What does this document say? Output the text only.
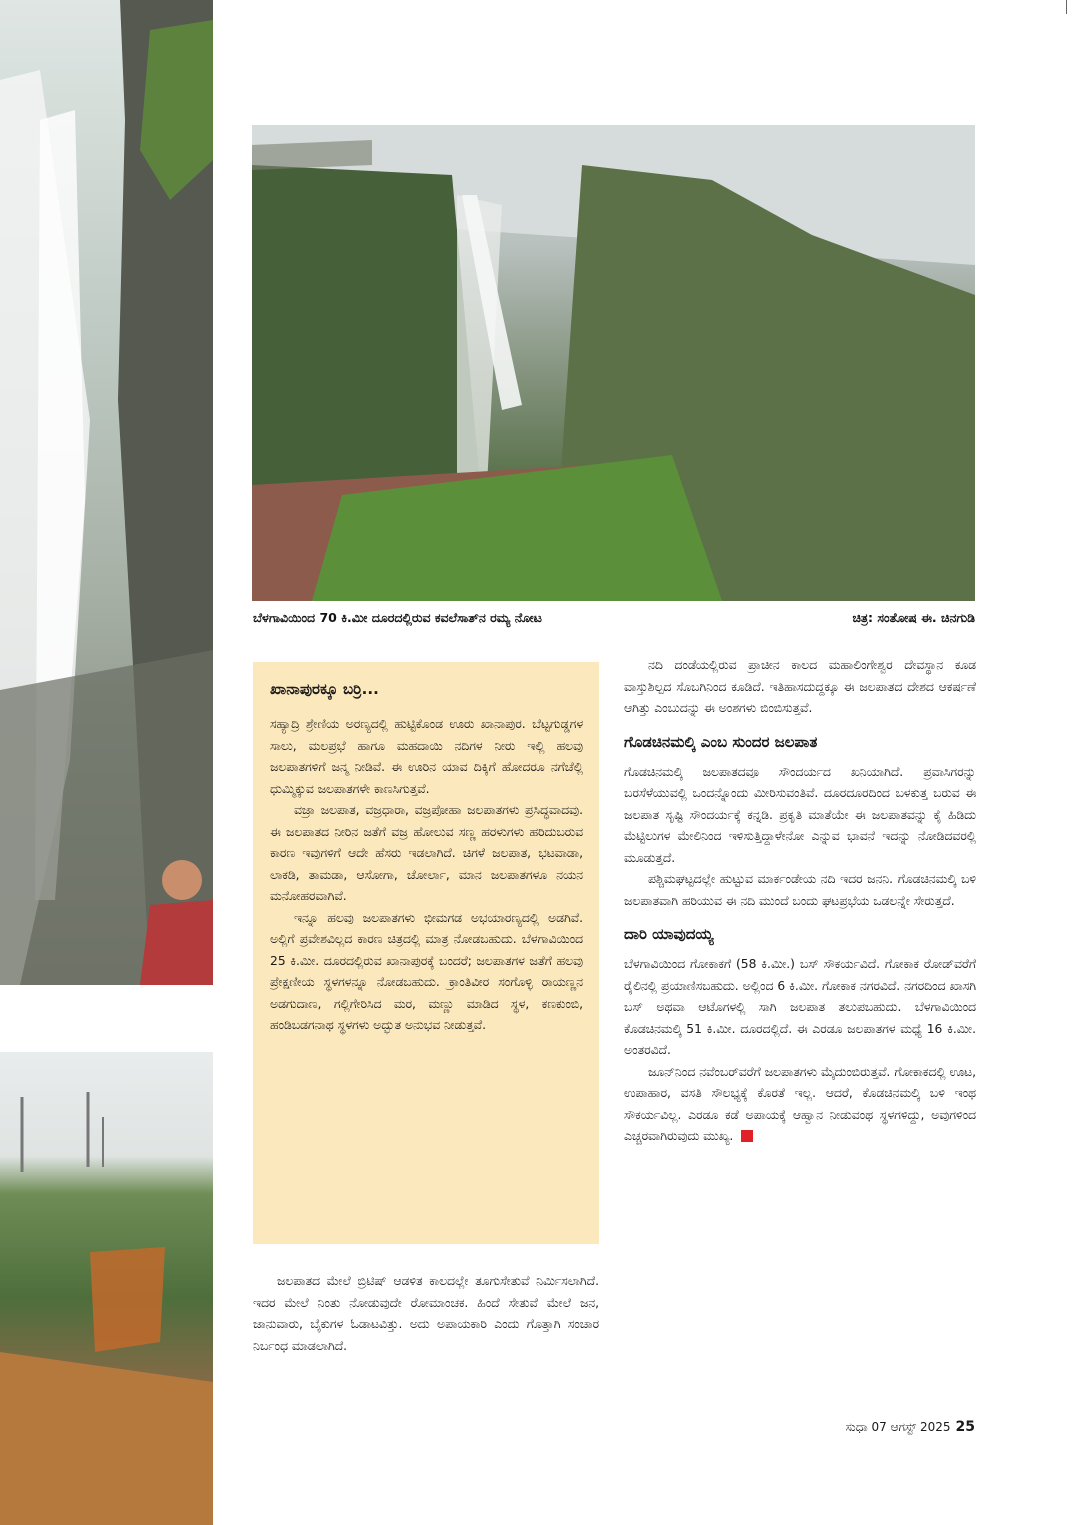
ಬೆಳಗಾವಿಯಿಂದ 70 ಕಿ.ಮೀ ದೂರದಲ್ಲಿರುವ ಕವಲೆಸಾತ್‌ನ ರಮ್ಯ ನೋಟ	ಚಿತ್ರ: ಸಂತೋಷ ಈ. ಚಿನಗುಡಿ
ಖಾನಾಪುರಕ್ಕೂ ಬರ್ರಿ...

ಸಹ್ಯಾದ್ರಿ ಶ್ರೇಣಿಯ ಅರಣ್ಯದಲ್ಲಿ ಹುಟ್ಟಿಕೊಂಡ ಊರು ಖಾನಾಪುರ. ಬೆಟ್ಟಗುಡ್ಡಗಳ ಸಾಲು, ಮಲಪ್ರಭೆ ಹಾಗೂ ಮಹದಾಯಿ ನದಿಗಳ ನೀರು ಇಲ್ಲಿ ಹಲವು ಜಲಪಾತಗಳಿಗೆ ಜನ್ಮ ನೀಡಿವೆ. ಈ ಊರಿನ ಯಾವ ದಿಕ್ಕಿಗೆ ಹೋದರೂ ನಗೆಚೆಲ್ಲಿ ಧುಮ್ಮಿಕ್ಕುವ ಜಲಪಾತಗಳೇ ಕಾಣಸಿಗುತ್ತವೆ.

ವಜ್ರಾ ಜಲಪಾತ, ವಜ್ರಧಾರಾ, ವಜ್ರಪೋಹಾ ಜಲಪಾತಗಳು ಪ್ರಸಿದ್ಧವಾದವು. ಈ ಜಲಪಾತದ ನೀರಿನ ಜತೆಗೆ ವಜ್ರ ಹೋಲುವ ಸಣ್ಣ ಹರಳುಗಳು ಹರಿದುಬರುವ ಕಾರಣ ಇವುಗಳಿಗೆ ಆದೇ ಹೆಸರು ಇಡಲಾಗಿದೆ. ಚಿಗಳೆ ಜಲಪಾತ, ಭಟವಾಡಾ, ಲಾಕಡಿ, ತಾಮಡಾ, ಆಸೋಗಾ, ಚೋರ್ಲಾ, ಮಾನ ಜಲಪಾತಗಳೂ ನಯನ ಮನೋಹರವಾಗಿವೆ.

ಇನ್ನೂ ಹಲವು ಜಲಪಾತಗಳು ಭೀಮಗಡ ಅಭಯಾರಣ್ಯದಲ್ಲಿ ಅಡಗಿವೆ. ಅಲ್ಲಿಗೆ ಪ್ರವೇಶವಿಲ್ಲದ ಕಾರಣ ಚಿತ್ರದಲ್ಲಿ ಮಾತ್ರ ನೋಡಬಹುದು. ಬೆಳಗಾವಿಯಿಂದ 25 ಕಿ.ಮೀ. ದೂರದಲ್ಲಿರುವ ಖಾನಾಪುರಕ್ಕೆ ಬಂದರೆ; ಜಲಪಾತಗಳ ಜತೆಗೆ ಹಲವು ಪ್ರೇಕ್ಷಣೀಯ ಸ್ಥಳಗಳನ್ನೂ ನೋಡಬಹುದು. ಕ್ರಾಂತಿವೀರ ಸಂಗೊಳ್ಳಿ ರಾಯಣ್ಣನ ಅಡಗುದಾಣ, ಗಲ್ಲಿಗೇರಿಸಿದ ಮರ, ಮಣ್ಣು ಮಾಡಿದ ಸ್ಥಳ, ಕಣಕುಂಬಿ, ಹಂಡಿಬಡಗನಾಥ ಸ್ಥಳಗಳು ಅದ್ಭುತ ಅನುಭವ ನೀಡುತ್ತವೆ.

ಜಲಪಾತದ ಮೇಲೆ ಬ್ರಿಟಿಷ್ ಆಡಳಿತ ಕಾಲದಲ್ಲೇ ತೂಗುಸೇತುವೆ ನಿರ್ಮಿಸಲಾಗಿದೆ. ಇದರ ಮೇಲೆ ನಿಂತು ನೋಡುವುದೇ ರೋಮಾಂಚಕ. ಹಿಂದೆ ಸೇತುವೆ ಮೇಲೆ ಜನ, ಜಾನುವಾರು, ಬೈಕುಗಳ ಓಡಾಟವಿತ್ತು. ಅದು ಅಪಾಯಕಾರಿ ಎಂದು ಗೊತ್ತಾಗಿ ಸಂಚಾರ ನಿರ್ಬಂಧ ಮಾಡಲಾಗಿದೆ.

ನದಿ ದಂಡೆಯಲ್ಲಿರುವ ಪ್ರಾಚೀನ ಕಾಲದ ಮಹಾಲಿಂಗೇಶ್ವರ ದೇವಸ್ಥಾನ ಕೂಡ ವಾಸ್ತುಶಿಲ್ಪದ ಸೊಬಗಿನಿಂದ ಕೂಡಿದೆ. ಇತಿಹಾಸದುದ್ದಕ್ಕೂ ಈ ಜಲಪಾತದ ದೇಶದ ಆಕರ್ಷಣೆ ಆಗಿತ್ತು ಎಂಬುದನ್ನು ಈ ಅಂಶಗಳು ಬಿಂಬಿಸುತ್ತವೆ.

ಗೊಡಚಿನಮಲ್ಕಿ ಎಂಬ ಸುಂದರ ಜಲಪಾತ

ಗೊಡಚಿನಮಲ್ಕಿ ಜಲಪಾತದವೂ ಸೌಂದರ್ಯದ ಖನಿಯಾಗಿದೆ. ಪ್ರವಾಸಿಗರನ್ನು ಬರಸೆಳೆಯುವಲ್ಲಿ ಒಂದನ್ನೊಂದು ಮೀರಿಸುವಂತಿವೆ. ದೂರದೂರದಿಂದ ಬಳಕುತ್ತ ಬರುವ ಈ ಜಲಪಾತ ಸೃಷ್ಟಿ ಸೌಂದರ್ಯಕ್ಕೆ ಕನ್ನಡಿ. ಪ್ರಕೃತಿ ಮಾತೆಯೇ ಈ ಜಲಪಾತವನ್ನು ಕೈ ಹಿಡಿದು ಮೆಟ್ಟಿಲುಗಳ ಮೇಲಿನಿಂದ ಇಳಿಸುತ್ತಿದ್ದಾಳೇನೋ ಎನ್ನುವ ಭಾವನೆ ಇದನ್ನು ನೋಡಿದವರಲ್ಲಿ ಮೂಡುತ್ತದೆ.

ಪಶ್ಚಿಮಘಟ್ಟದಲ್ಲೇ ಹುಟ್ಟುವ ಮಾರ್ಕಂಡೇಯ ನದಿ ಇದರ ಜನನಿ. ಗೊಡಚಿನಮಲ್ಕಿ ಬಳಿ ಜಲಪಾತವಾಗಿ ಹರಿಯುವ ಈ ನದಿ ಮುಂದೆ ಬಂದು ಘಟಪ್ರಭೆಯ ಒಡಲನ್ನೇ ಸೇರುತ್ತದೆ.

ದಾರಿ ಯಾವುದಯ್ಯ

ಬೆಳಗಾವಿಯಿಂದ ಗೋಕಾಕಗೆ (58 ಕಿ.ಮೀ.) ಬಸ್ ಸೌಕರ್ಯವಿದೆ. ಗೋಕಾಕ ರೋಡ್‌ವರೆಗೆ ರೈಲಿನಲ್ಲಿ ಪ್ರಯಾಣಿಸಬಹುದು. ಅಲ್ಲಿಂದ 6 ಕಿ.ಮೀ. ಗೋಕಾಕ ನಗರವಿದೆ. ನಗರದಿಂದ ಖಾಸಗಿ ಬಸ್ ಅಥವಾ ಆಟೊಗಳಲ್ಲಿ ಸಾಗಿ ಜಲಪಾತ ತಲುಪಬಹುದು. ಬೆಳಗಾವಿಯಿಂದ ಕೊಡಚಿನಮಲ್ಕಿ 51 ಕಿ.ಮೀ. ದೂರದಲ್ಲಿದೆ. ಈ ಎರಡೂ ಜಲಪಾತಗಳ ಮಧ್ಯೆ 16 ಕಿ.ಮೀ. ಅಂತರವಿದೆ.

ಜೂನ್‌ನಿಂದ ನವೆಂಬರ್‌ವರೆಗೆ ಜಲಪಾತಗಳು ಮೈದುಂಬಿರುತ್ತವೆ. ಗೋಕಾಕದಲ್ಲಿ ಊಟ, ಉಪಾಹಾರ, ವಸತಿ ಸೌಲಭ್ಯಕ್ಕೆ ಕೊರತೆ ಇಲ್ಲ. ಆದರೆ, ಕೊಡಚಿನಮಲ್ಕಿ ಬಳಿ ಇಂಥ ಸೌಕರ್ಯವಿಲ್ಲ. ಎರಡೂ ಕಡೆ ಅಪಾಯಕ್ಕೆ ಆಹ್ವಾನ ನೀಡುವಂಥ ಸ್ಥಳಗಳಿದ್ದು, ಅವುಗಳಿಂದ ಎಚ್ಚರವಾಗಿರುವುದು ಮುಖ್ಯ.

ಸುಧಾ 07 ಆಗಸ್ಟ್ 2025 25
